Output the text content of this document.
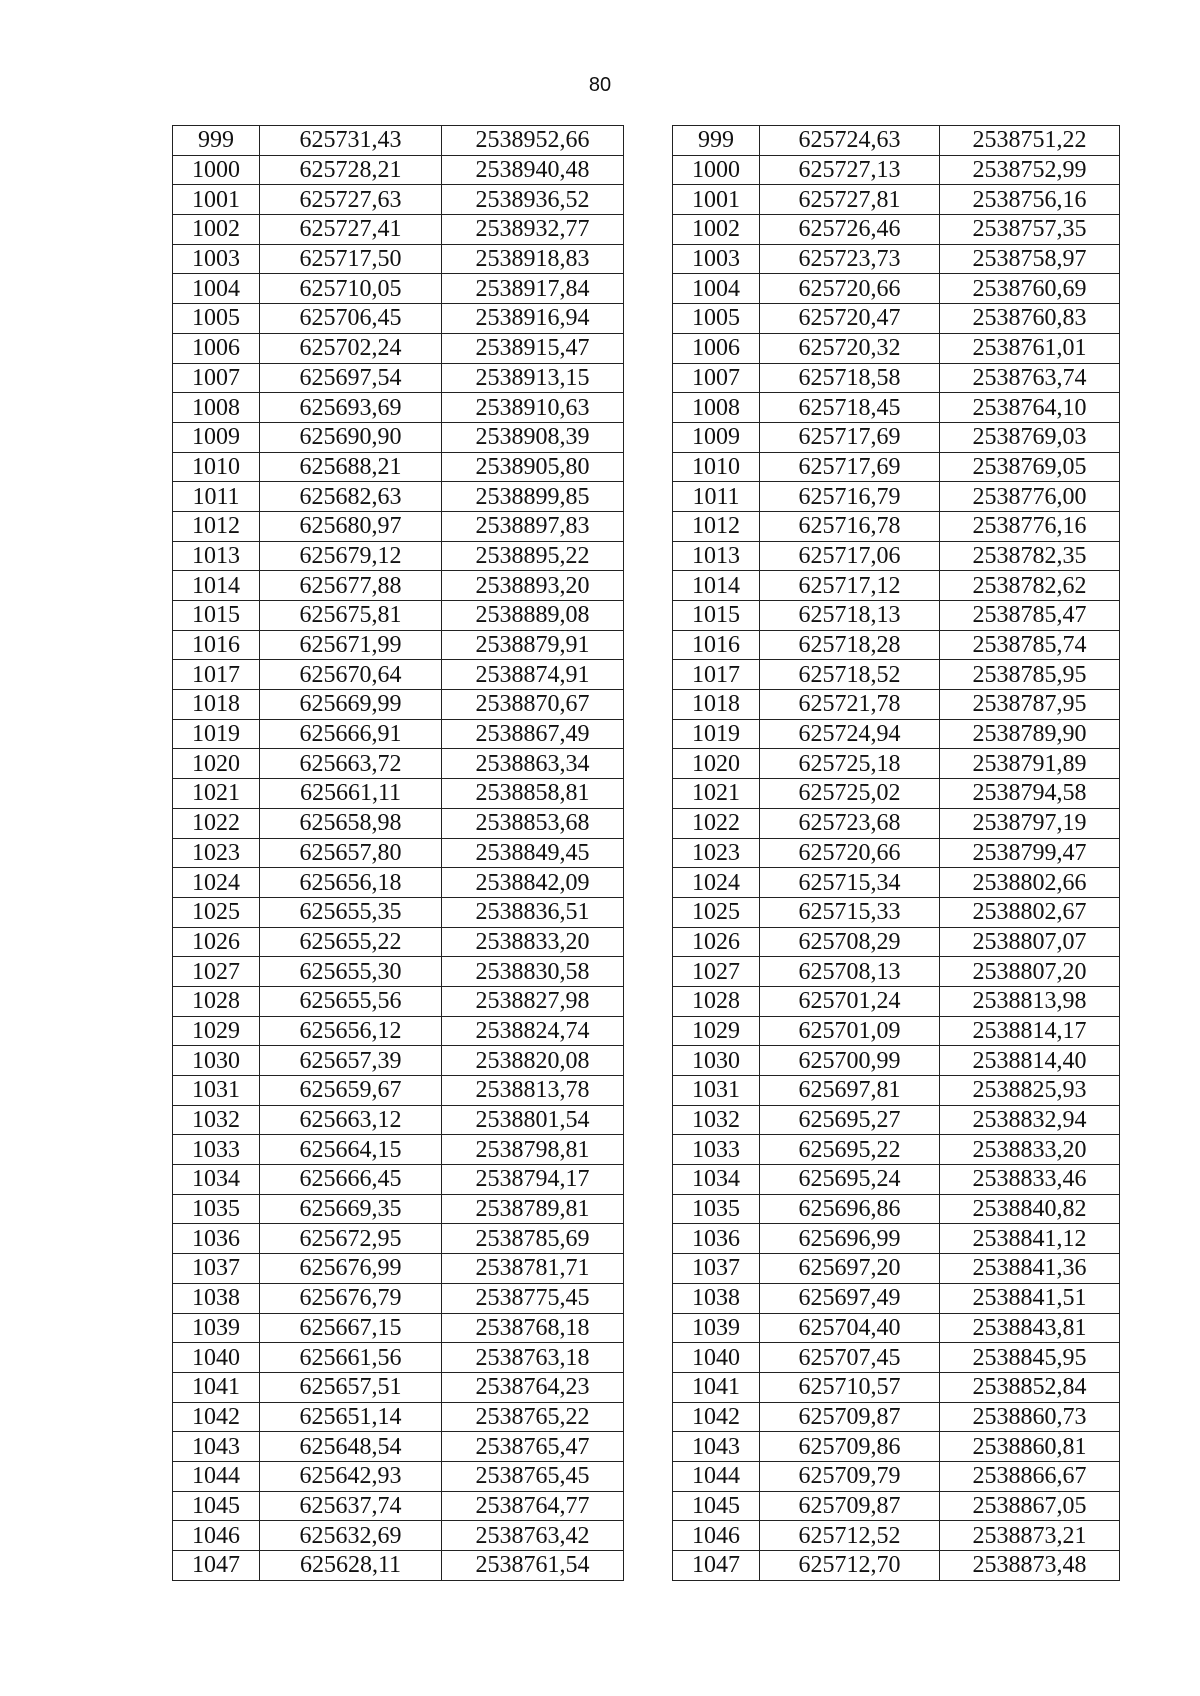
80
999	625731,43	2538952,66		999	625724,63	2538751,22
1000	625728,21	2538940,48		1000	625727,13	2538752,99
1001	625727,63	2538936,52		1001	625727,81	2538756,16
1002	625727,41	2538932,77		1002	625726,46	2538757,35
1003	625717,50	2538918,83		1003	625723,73	2538758,97
1004	625710,05	2538917,84		1004	625720,66	2538760,69
1005	625706,45	2538916,94		1005	625720,47	2538760,83
1006	625702,24	2538915,47		1006	625720,32	2538761,01
1007	625697,54	2538913,15		1007	625718,58	2538763,74
1008	625693,69	2538910,63		1008	625718,45	2538764,10
1009	625690,90	2538908,39		1009	625717,69	2538769,03
1010	625688,21	2538905,80		1010	625717,69	2538769,05
1011	625682,63	2538899,85		1011	625716,79	2538776,00
1012	625680,97	2538897,83		1012	625716,78	2538776,16
1013	625679,12	2538895,22		1013	625717,06	2538782,35
1014	625677,88	2538893,20		1014	625717,12	2538782,62
1015	625675,81	2538889,08		1015	625718,13	2538785,47
1016	625671,99	2538879,91		1016	625718,28	2538785,74
1017	625670,64	2538874,91		1017	625718,52	2538785,95
1018	625669,99	2538870,67		1018	625721,78	2538787,95
1019	625666,91	2538867,49		1019	625724,94	2538789,90
1020	625663,72	2538863,34		1020	625725,18	2538791,89
1021	625661,11	2538858,81		1021	625725,02	2538794,58
1022	625658,98	2538853,68		1022	625723,68	2538797,19
1023	625657,80	2538849,45		1023	625720,66	2538799,47
1024	625656,18	2538842,09		1024	625715,34	2538802,66
1025	625655,35	2538836,51		1025	625715,33	2538802,67
1026	625655,22	2538833,20		1026	625708,29	2538807,07
1027	625655,30	2538830,58		1027	625708,13	2538807,20
1028	625655,56	2538827,98		1028	625701,24	2538813,98
1029	625656,12	2538824,74		1029	625701,09	2538814,17
1030	625657,39	2538820,08		1030	625700,99	2538814,40
1031	625659,67	2538813,78		1031	625697,81	2538825,93
1032	625663,12	2538801,54		1032	625695,27	2538832,94
1033	625664,15	2538798,81		1033	625695,22	2538833,20
1034	625666,45	2538794,17		1034	625695,24	2538833,46
1035	625669,35	2538789,81		1035	625696,86	2538840,82
1036	625672,95	2538785,69		1036	625696,99	2538841,12
1037	625676,99	2538781,71		1037	625697,20	2538841,36
1038	625676,79	2538775,45		1038	625697,49	2538841,51
1039	625667,15	2538768,18		1039	625704,40	2538843,81
1040	625661,56	2538763,18		1040	625707,45	2538845,95
1041	625657,51	2538764,23		1041	625710,57	2538852,84
1042	625651,14	2538765,22		1042	625709,87	2538860,73
1043	625648,54	2538765,47		1043	625709,86	2538860,81
1044	625642,93	2538765,45		1044	625709,79	2538866,67
1045	625637,74	2538764,77		1045	625709,87	2538867,05
1046	625632,69	2538763,42		1046	625712,52	2538873,21
1047	625628,11	2538761,54		1047	625712,70	2538873,48
